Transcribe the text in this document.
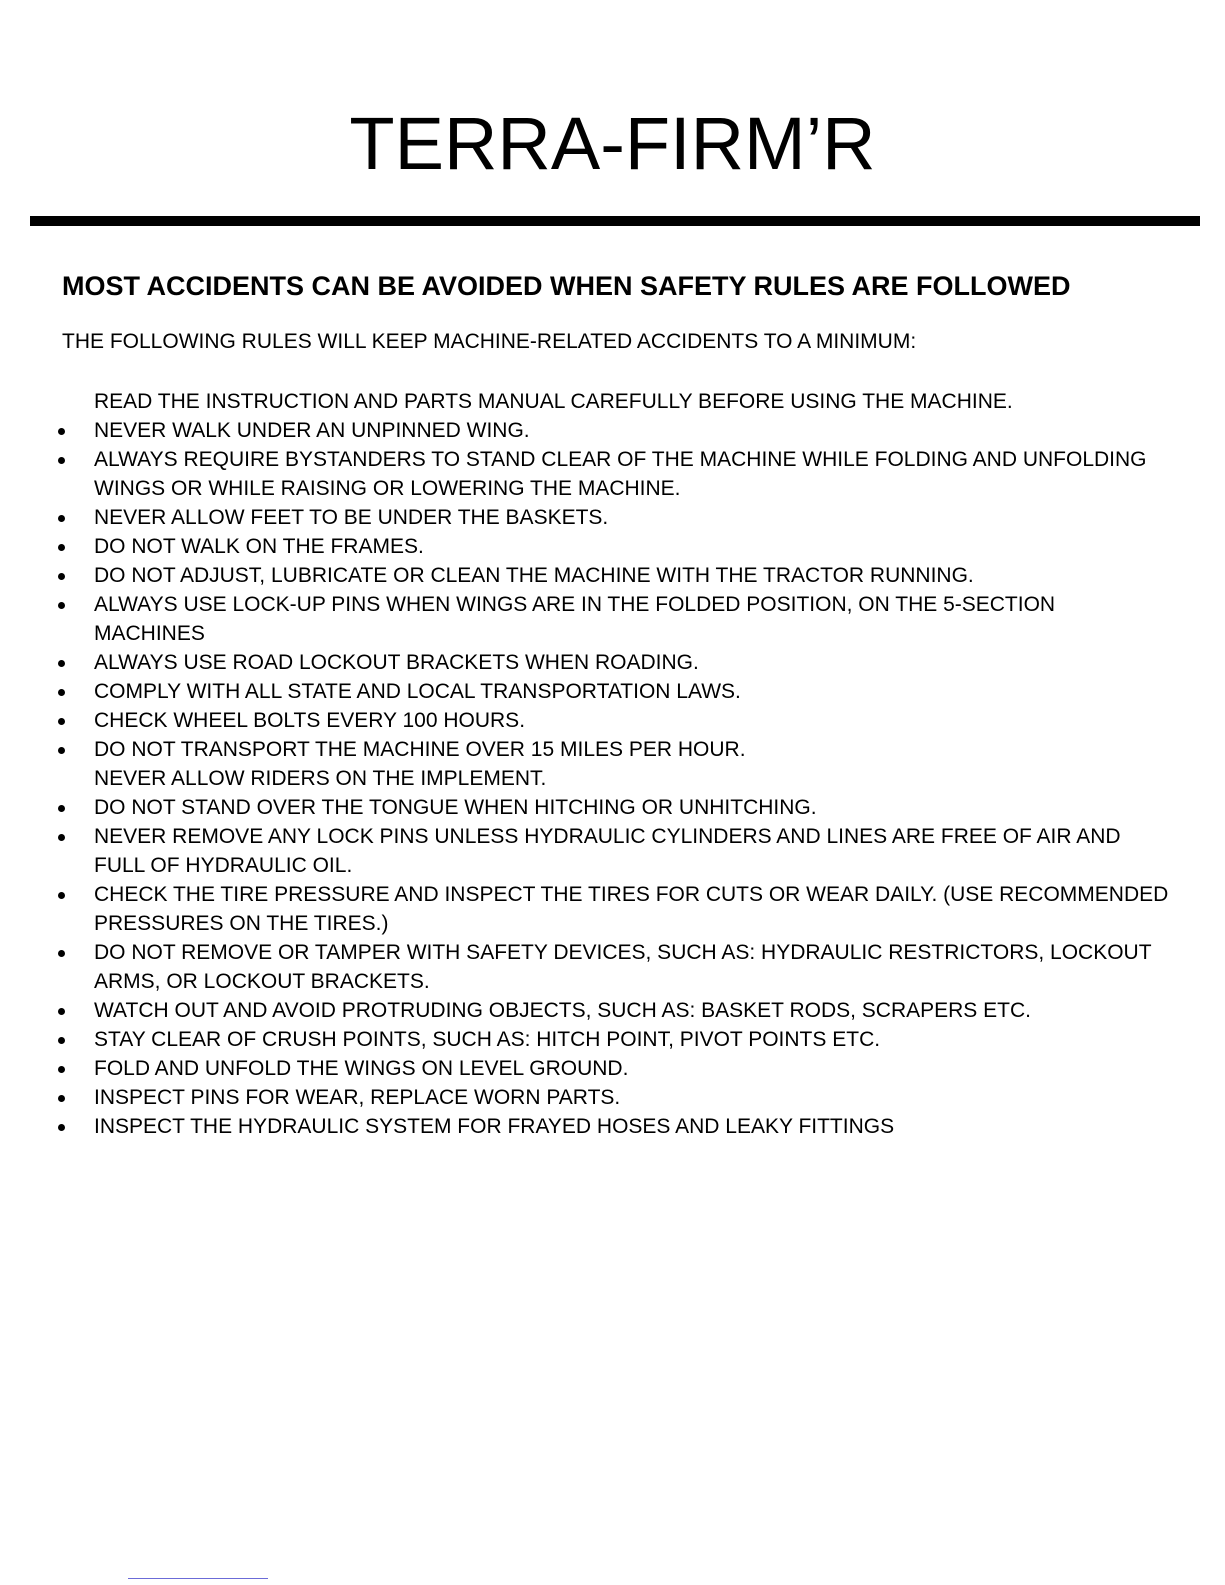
TERRA-FIRM’R
MOST ACCIDENTS CAN BE AVOIDED WHEN SAFETY RULES ARE FOLLOWED

THE FOLLOWING RULES WILL KEEP MACHINE-RELATED ACCIDENTS TO A MINIMUM:

READ THE INSTRUCTION AND PARTS MANUAL CAREFULLY BEFORE USING THE MACHINE.
NEVER WALK UNDER AN UNPINNED WING.
ALWAYS REQUIRE BYSTANDERS TO STAND CLEAR OF THE MACHINE WHILE FOLDING AND UNFOLDING WINGS OR WHILE RAISING OR LOWERING THE MACHINE.
NEVER ALLOW FEET TO BE UNDER THE BASKETS.
DO NOT WALK ON THE FRAMES.
DO NOT ADJUST, LUBRICATE OR CLEAN THE MACHINE WITH THE TRACTOR RUNNING.
ALWAYS USE LOCK-UP PINS WHEN WINGS ARE IN THE FOLDED POSITION, ON THE 5-SECTION MACHINES
ALWAYS USE ROAD LOCKOUT BRACKETS WHEN ROADING.
COMPLY WITH ALL STATE AND LOCAL TRANSPORTATION LAWS.
CHECK WHEEL BOLTS EVERY 100 HOURS.
DO NOT TRANSPORT THE MACHINE OVER 15 MILES PER HOUR.
NEVER ALLOW RIDERS ON THE IMPLEMENT.
DO NOT STAND OVER THE TONGUE WHEN HITCHING OR UNHITCHING.
NEVER REMOVE ANY LOCK PINS UNLESS HYDRAULIC CYLINDERS AND LINES ARE FREE OF AIR AND FULL OF HYDRAULIC OIL.
CHECK THE TIRE PRESSURE AND INSPECT THE TIRES FOR CUTS OR WEAR DAILY. (USE RECOMMENDED PRESSURES ON THE TIRES.)
DO NOT REMOVE OR TAMPER WITH SAFETY DEVICES, SUCH AS: HYDRAULIC RESTRICTORS, LOCKOUT ARMS, OR LOCKOUT BRACKETS.
WATCH OUT AND AVOID PROTRUDING OBJECTS, SUCH AS: BASKET RODS, SCRAPERS ETC.
STAY CLEAR OF CRUSH POINTS, SUCH AS: HITCH POINT, PIVOT POINTS ETC.
FOLD AND UNFOLD THE WINGS ON LEVEL GROUND.
INSPECT PINS FOR WEAR, REPLACE WORN PARTS.
INSPECT THE HYDRAULIC SYSTEM FOR FRAYED HOSES AND LEAKY FITTINGS
